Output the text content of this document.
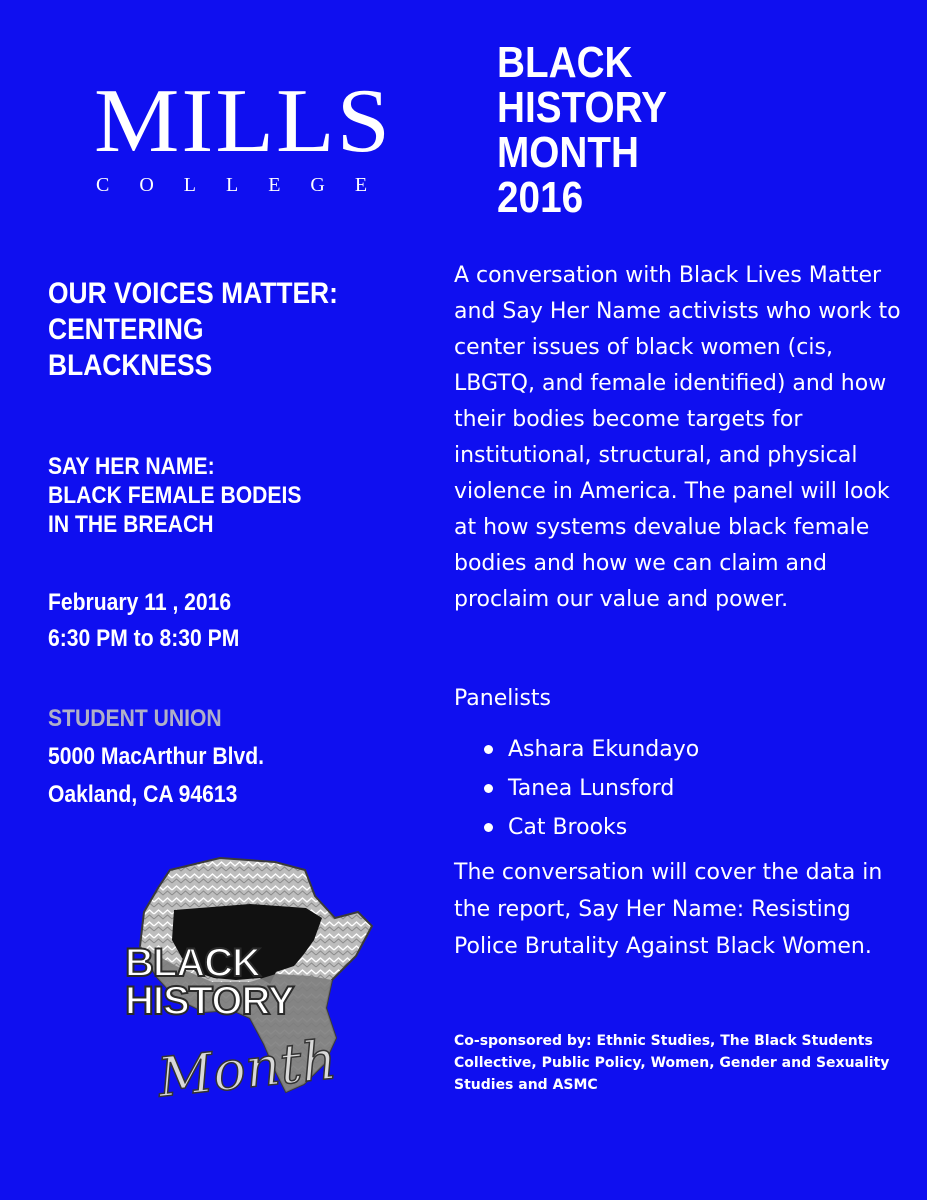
MILLS
COLLEGE
BLACK
HISTORY
MONTH
2016
OUR VOICES MATTER:
CENTERING
BLACKNESS
SAY HER NAME:
BLACK FEMALE BODEIS
IN THE BREACH
February 11 , 2016
6:30 PM to 8:30 PM
STUDENT UNION
5000 MacArthur Blvd.
Oakland, CA 94613
BLACK
HISTORY
Month
A conversation with Black Lives Matter and Say Her Name activists who work to center issues of black women (cis, LBGTQ, and female identified) and how their bodies become targets for institutional, structural, and physical violence in America. The panel will look at how systems devalue black female bodies and how we can claim and proclaim our value and power.
Panelists
Ashara Ekundayo
Tanea Lunsford
Cat Brooks
The conversation will cover the data in the report, Say Her Name: Resisting Police Brutality Against Black Women.
Co-sponsored by: Ethnic Studies, The Black Students Collective, Public Policy, Women, Gender and Sexuality Studies and ASMC
